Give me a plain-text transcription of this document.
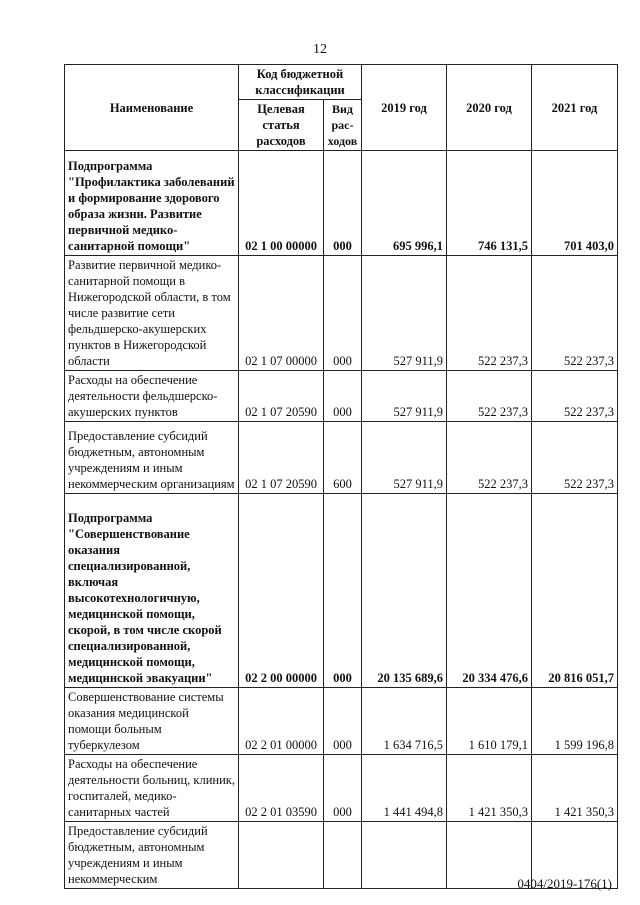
12
Наименование	Код бюджетной классификации		2019 год	2020 год	2021 год
	Целевая статья расходов	Вид рас-ходов			
Подпрограмма "Профилактика заболеваний и формирование здорового образа жизни. Развитие первичной медико-санитарной помощи"	02 1 00 00000	000	695 996,1	746 131,5	701 403,0
Развитие первичной медико-санитарной помощи в Нижегородской области, в том числе развитие сети фельдшерско-акушерских пунктов в Нижегородской области	02 1 07 00000	000	527 911,9	522 237,3	522 237,3
Расходы на обеспечение деятельности фельдшерско-акушерских пунктов	02 1 07 20590	000	527 911,9	522 237,3	522 237,3
Предоставление субсидий бюджетным, автономным учреждениям и иным некоммерческим организациям	02 1 07 20590	600	527 911,9	522 237,3	522 237,3
Подпрограмма "Совершенствование оказания специализированной, включая высокотехнологичную, медицинской помощи, скорой, в том числе скорой специализированной, медицинской помощи, медицинской эвакуации"	02 2 00 00000	000	20 135 689,6	20 334 476,6	20 816 051,7
Совершенствование системы оказания медицинской помощи больным туберкулезом	02 2 01 00000	000	1 634 716,5	1 610 179,1	1 599 196,8
Расходы на обеспечение деятельности больниц, клиник, госпиталей, медико-санитарных частей	02 2 01 03590	000	1 441 494,8	1 421 350,3	1 421 350,3
Предоставление субсидий бюджетным, автономным учреждениям и иным некоммерческим						0404/2019-176(1)
